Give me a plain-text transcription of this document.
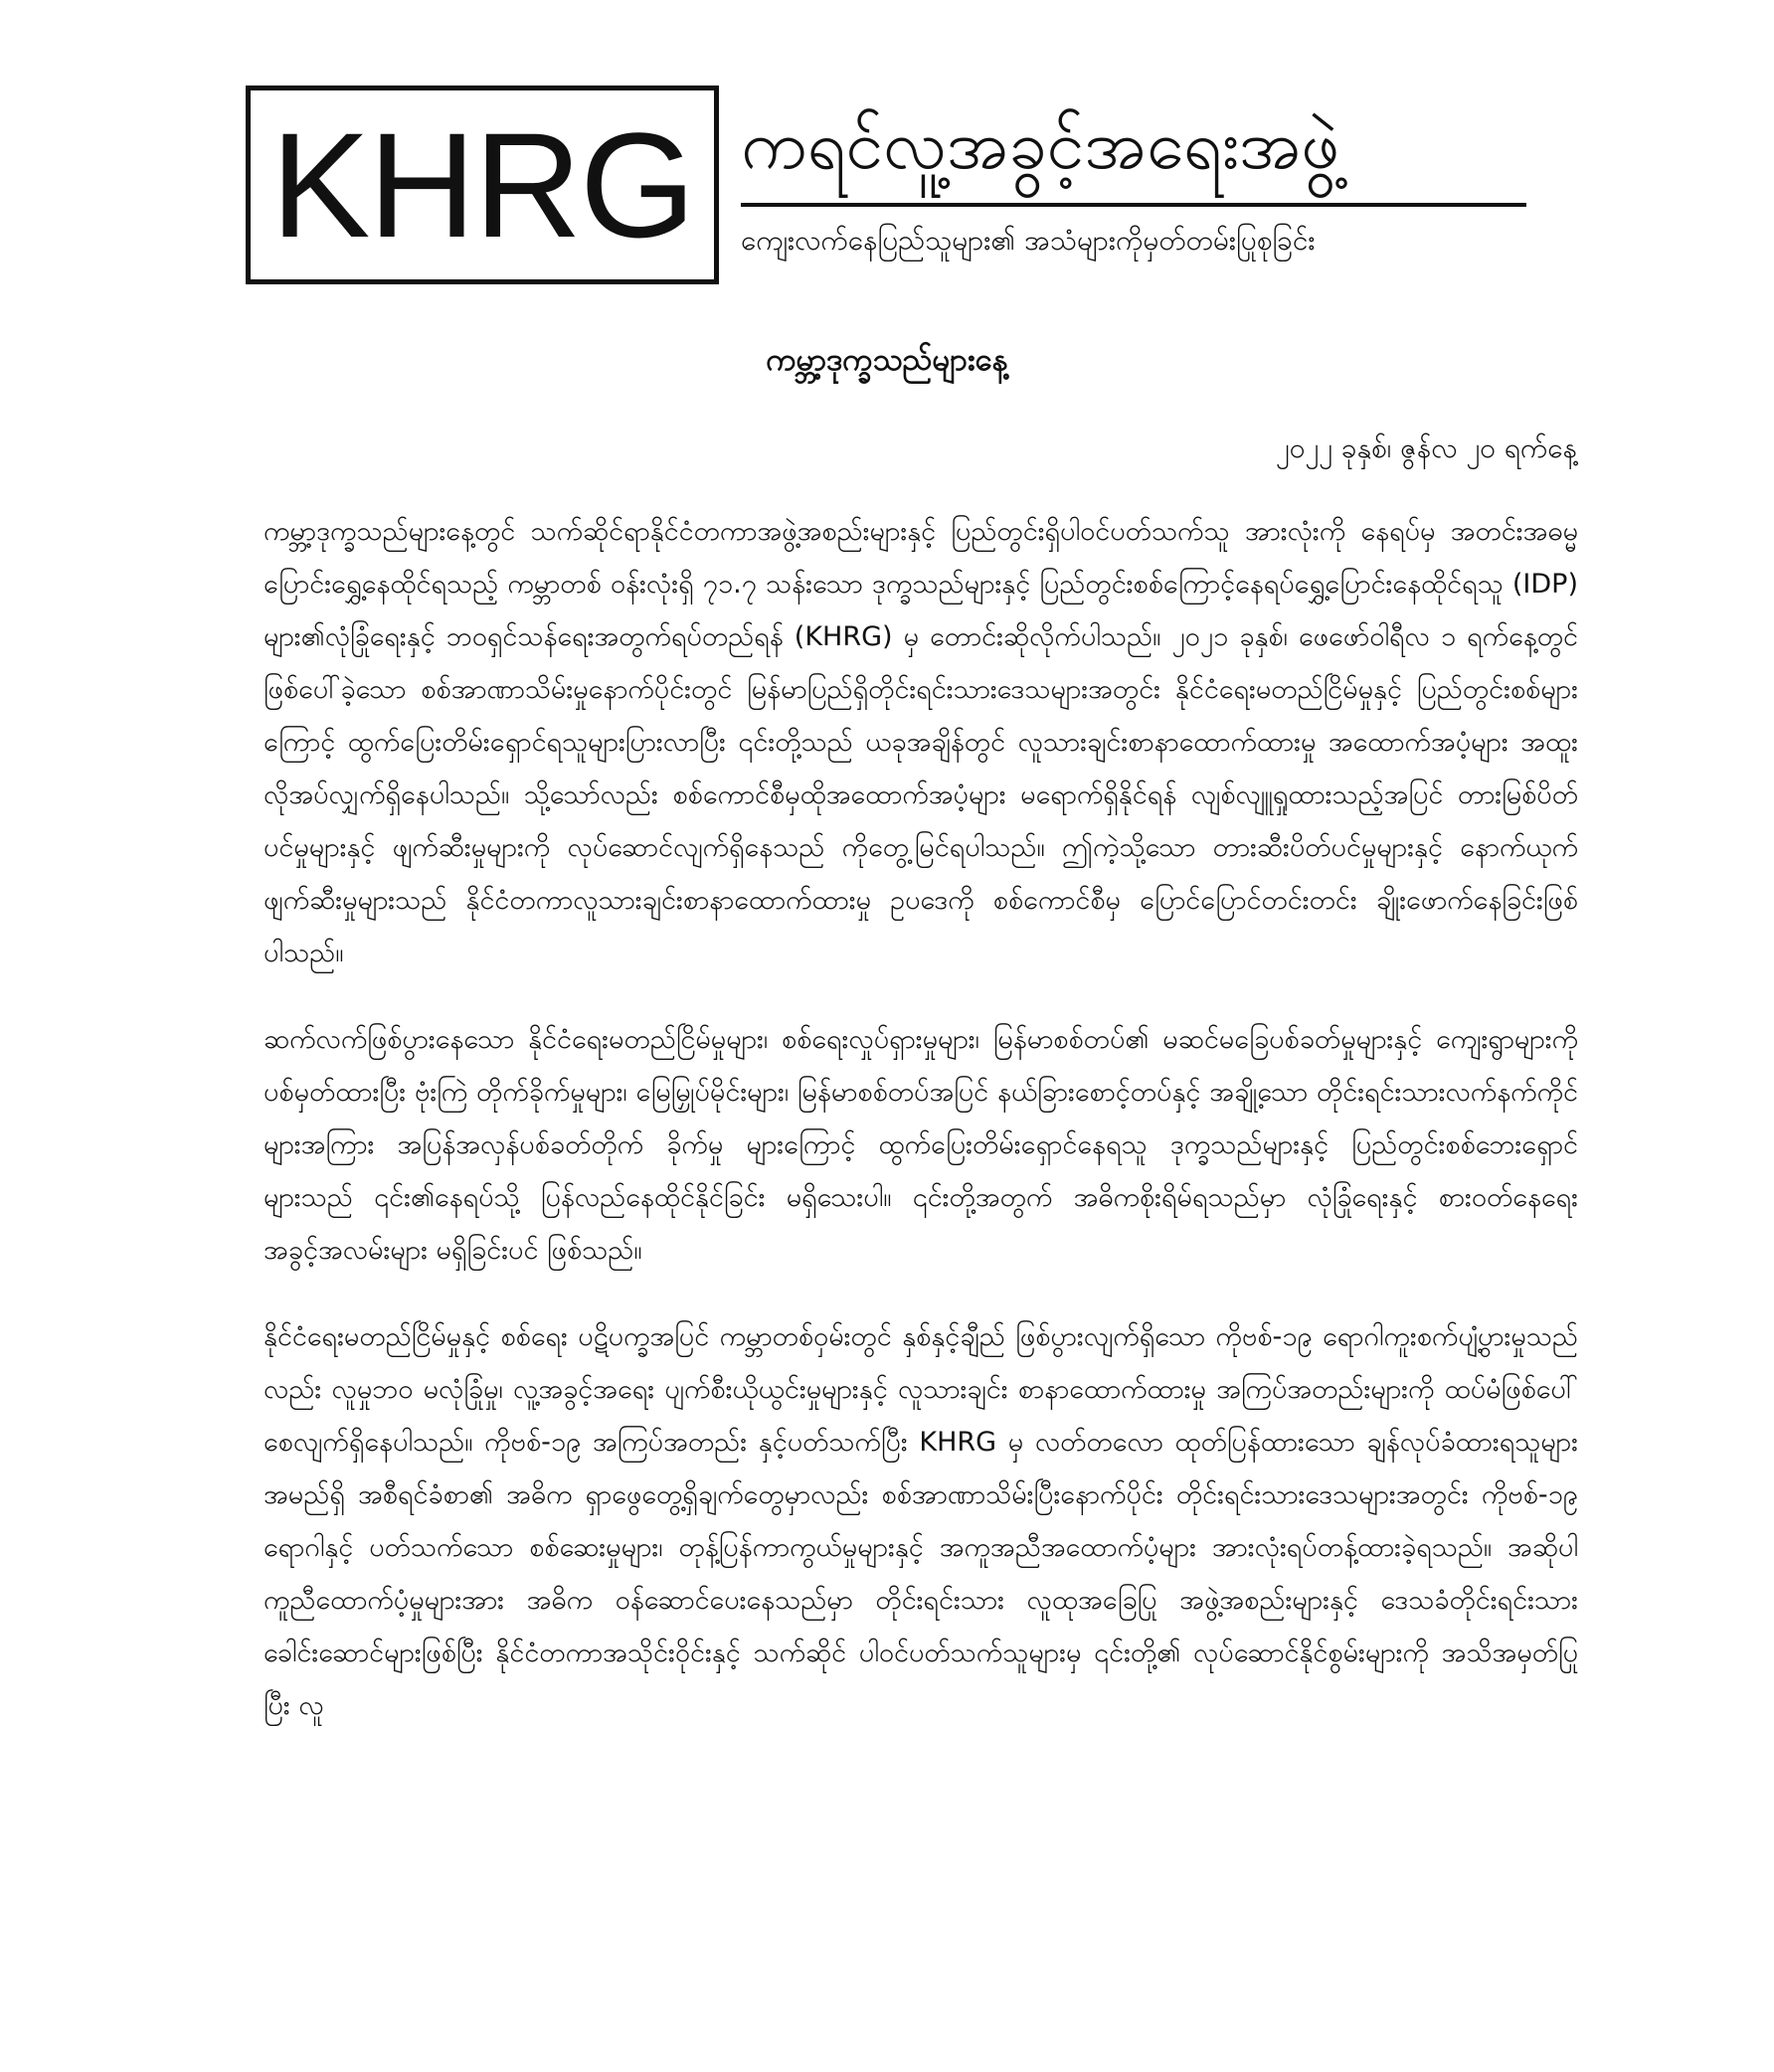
KHRG ကရင်လူ့အခွင့်အရေးအဖွဲ့
ကျေးလက်နေပြည်သူများ၏ အသံများကိုမှတ်တမ်းပြုစုခြင်း
ကမ္ဘာ့ဒုက္ခသည်များနေ့
၂၀၂၂ ခုနှစ်၊ ဇွန်လ ၂၀ ရက်နေ့

ကမ္ဘာ့ဒုက္ခသည်များနေ့တွင် သက်ဆိုင်ရာနိုင်ငံတကာအဖွဲ့အစည်းများနှင့် ပြည်တွင်းရှိပါဝင်ပတ်သက်သူ အားလုံးကို နေရပ်မှ အတင်းအဓမ္မ ပြောင်းရွှေ့နေထိုင်ရသည့် ကမ္ဘာတစ် ဝန်းလုံးရှိ ၇၁.၇ သန်းသော ဒုက္ခသည်များနှင့် ပြည်တွင်းစစ်ကြောင့်နေရပ်ရွှေ့ပြောင်းနေထိုင်ရသူ (IDP) များ၏လုံခြုံရေးနှင့် ဘဝရှင်သန်ရေးအတွက်ရပ်တည်ရန် (KHRG) မှ တောင်းဆိုလိုက်ပါသည်။ ၂၀၂၁ ခုနှစ်၊ ဖေဖော်ဝါရီလ ၁ ရက်နေ့တွင် ဖြစ်ပေါ်ခဲ့သော စစ်အာဏာသိမ်းမှုနောက်ပိုင်းတွင် မြန်မာပြည်ရှိတိုင်းရင်းသားဒေသများအတွင်း နိုင်ငံရေးမတည်ငြိမ်မှုနှင့် ပြည်တွင်းစစ်များကြောင့် ထွက်ပြေးတိမ်းရှောင်ရသူများပြားလာပြီး ၎င်းတို့သည် ယခုအချိန်တွင် လူသားချင်းစာနာထောက်ထားမှု အထောက်အပံ့များ အထူးလိုအပ်လျှက်ရှိနေပါသည်။ သို့သော်လည်း စစ်ကောင်စီမှထိုအထောက်အပံ့များ မရောက်ရှိနိုင်ရန် လျစ်လျူရှုထားသည့်အပြင် တားမြစ်ပိတ်ပင်မှုများနှင့် ဖျက်ဆီးမှုများကို လုပ်ဆောင်လျက်ရှိနေသည် ကိုတွေ့မြင်ရပါသည်။ ဤကဲ့သို့သော တားဆီးပိတ်ပင်မှုများနှင့် နောက်ယုက်ဖျက်ဆီးမှုများသည် နိုင်ငံတကာလူသားချင်းစာနာထောက်ထားမှု ဥပဒေကို စစ်ကောင်စီမှ ပြောင်ပြောင်တင်းတင်း ချိုးဖောက်နေခြင်းဖြစ်ပါသည်။

ဆက်လက်ဖြစ်ပွားနေသော နိုင်ငံရေးမတည်ငြိမ်မှုများ၊ စစ်ရေးလှုပ်ရှားမှုများ၊ မြန်မာစစ်တပ်၏ မဆင်မခြေပစ်ခတ်မှုများနှင့် ကျေးရွာများကို ပစ်မှတ်ထားပြီး ဗုံးကြဲ တိုက်ခိုက်မှုများ၊ မြေမြှုပ်မိုင်းများ၊ မြန်မာစစ်တပ်အပြင် နယ်ခြားစောင့်တပ်နှင့် အချို့သော တိုင်းရင်းသားလက်နက်ကိုင်များအကြား အပြန်အလှန်ပစ်ခတ်တိုက် ခိုက်မှု များကြောင့် ထွက်ပြေးတိမ်းရှောင်နေရသူ ဒုက္ခသည်များနှင့် ပြည်တွင်းစစ်ဘေးရှောင်များသည် ၎င်း၏နေရပ်သို့ ပြန်လည်နေထိုင်နိုင်ခြင်း မရှိသေးပါ။ ၎င်းတို့အတွက် အဓိကစိုးရိမ်ရသည်မှာ လုံခြုံရေးနှင့် စားဝတ်နေရေး အခွင့်အလမ်းများ မရှိခြင်းပင် ဖြစ်သည်။

နိုင်ငံရေးမတည်ငြိမ်မှုနှင့် စစ်ရေး ပဋိပက္ခအပြင် ကမ္ဘာတစ်ဝှမ်းတွင် နှစ်နှင့်ချီည် ဖြစ်ပွားလျက်ရှိသော ကိုဗစ်-၁၉ ရောဂါကူးစက်ပျံ့ပွားမှုသည်လည်း လူမှုဘဝ မလုံခြုံမှု၊ လူ့အခွင့်အရေး ပျက်စီးယိုယွင်းမှုများနှင့် လူသားချင်း စာနာထောက်ထားမှု အကြပ်အတည်းများကို ထပ်မံဖြစ်ပေါ်စေလျက်ရှိနေပါသည်။ ကိုဗစ်-၁၉ အကြပ်အတည်း နှင့်ပတ်သက်ပြီး KHRG မှ လတ်တလော ထုတ်ပြန်ထားသော ချန်လုပ်ခံထားရသူများအမည်ရှိ အစီရင်ခံစာ၏ အဓိက ရှာဖွေတွေ့ရှိချက်တွေမှာလည်း စစ်အာဏာသိမ်းပြီးနောက်ပိုင်း တိုင်းရင်းသားဒေသများအတွင်း ကိုဗစ်-၁၉ ရောဂါနှင့် ပတ်သက်သော စစ်ဆေးမှုများ၊ တုန့်ပြန်ကာကွယ်မှုများနှင့် အကူအညီအထောက်ပံ့များ အားလုံးရပ်တန့်ထားခဲ့ရသည်။ အဆိုပါ ကူညီထောက်ပံ့မှုများအား အဓိက ဝန်ဆောင်ပေးနေသည်မှာ တိုင်းရင်းသား လူထုအခြေပြု အဖွဲ့အစည်းများနှင့် ဒေသခံတိုင်းရင်းသားခေါင်းဆောင်များဖြစ်ပြီး နိုင်ငံတကာအသိုင်းဝိုင်းနှင့် သက်ဆိုင် ပါဝင်ပတ်သက်သူများမှ ၎င်းတို့၏ လုပ်ဆောင်နိုင်စွမ်းများကို အသိအမှတ်ပြုပြီး လူ
